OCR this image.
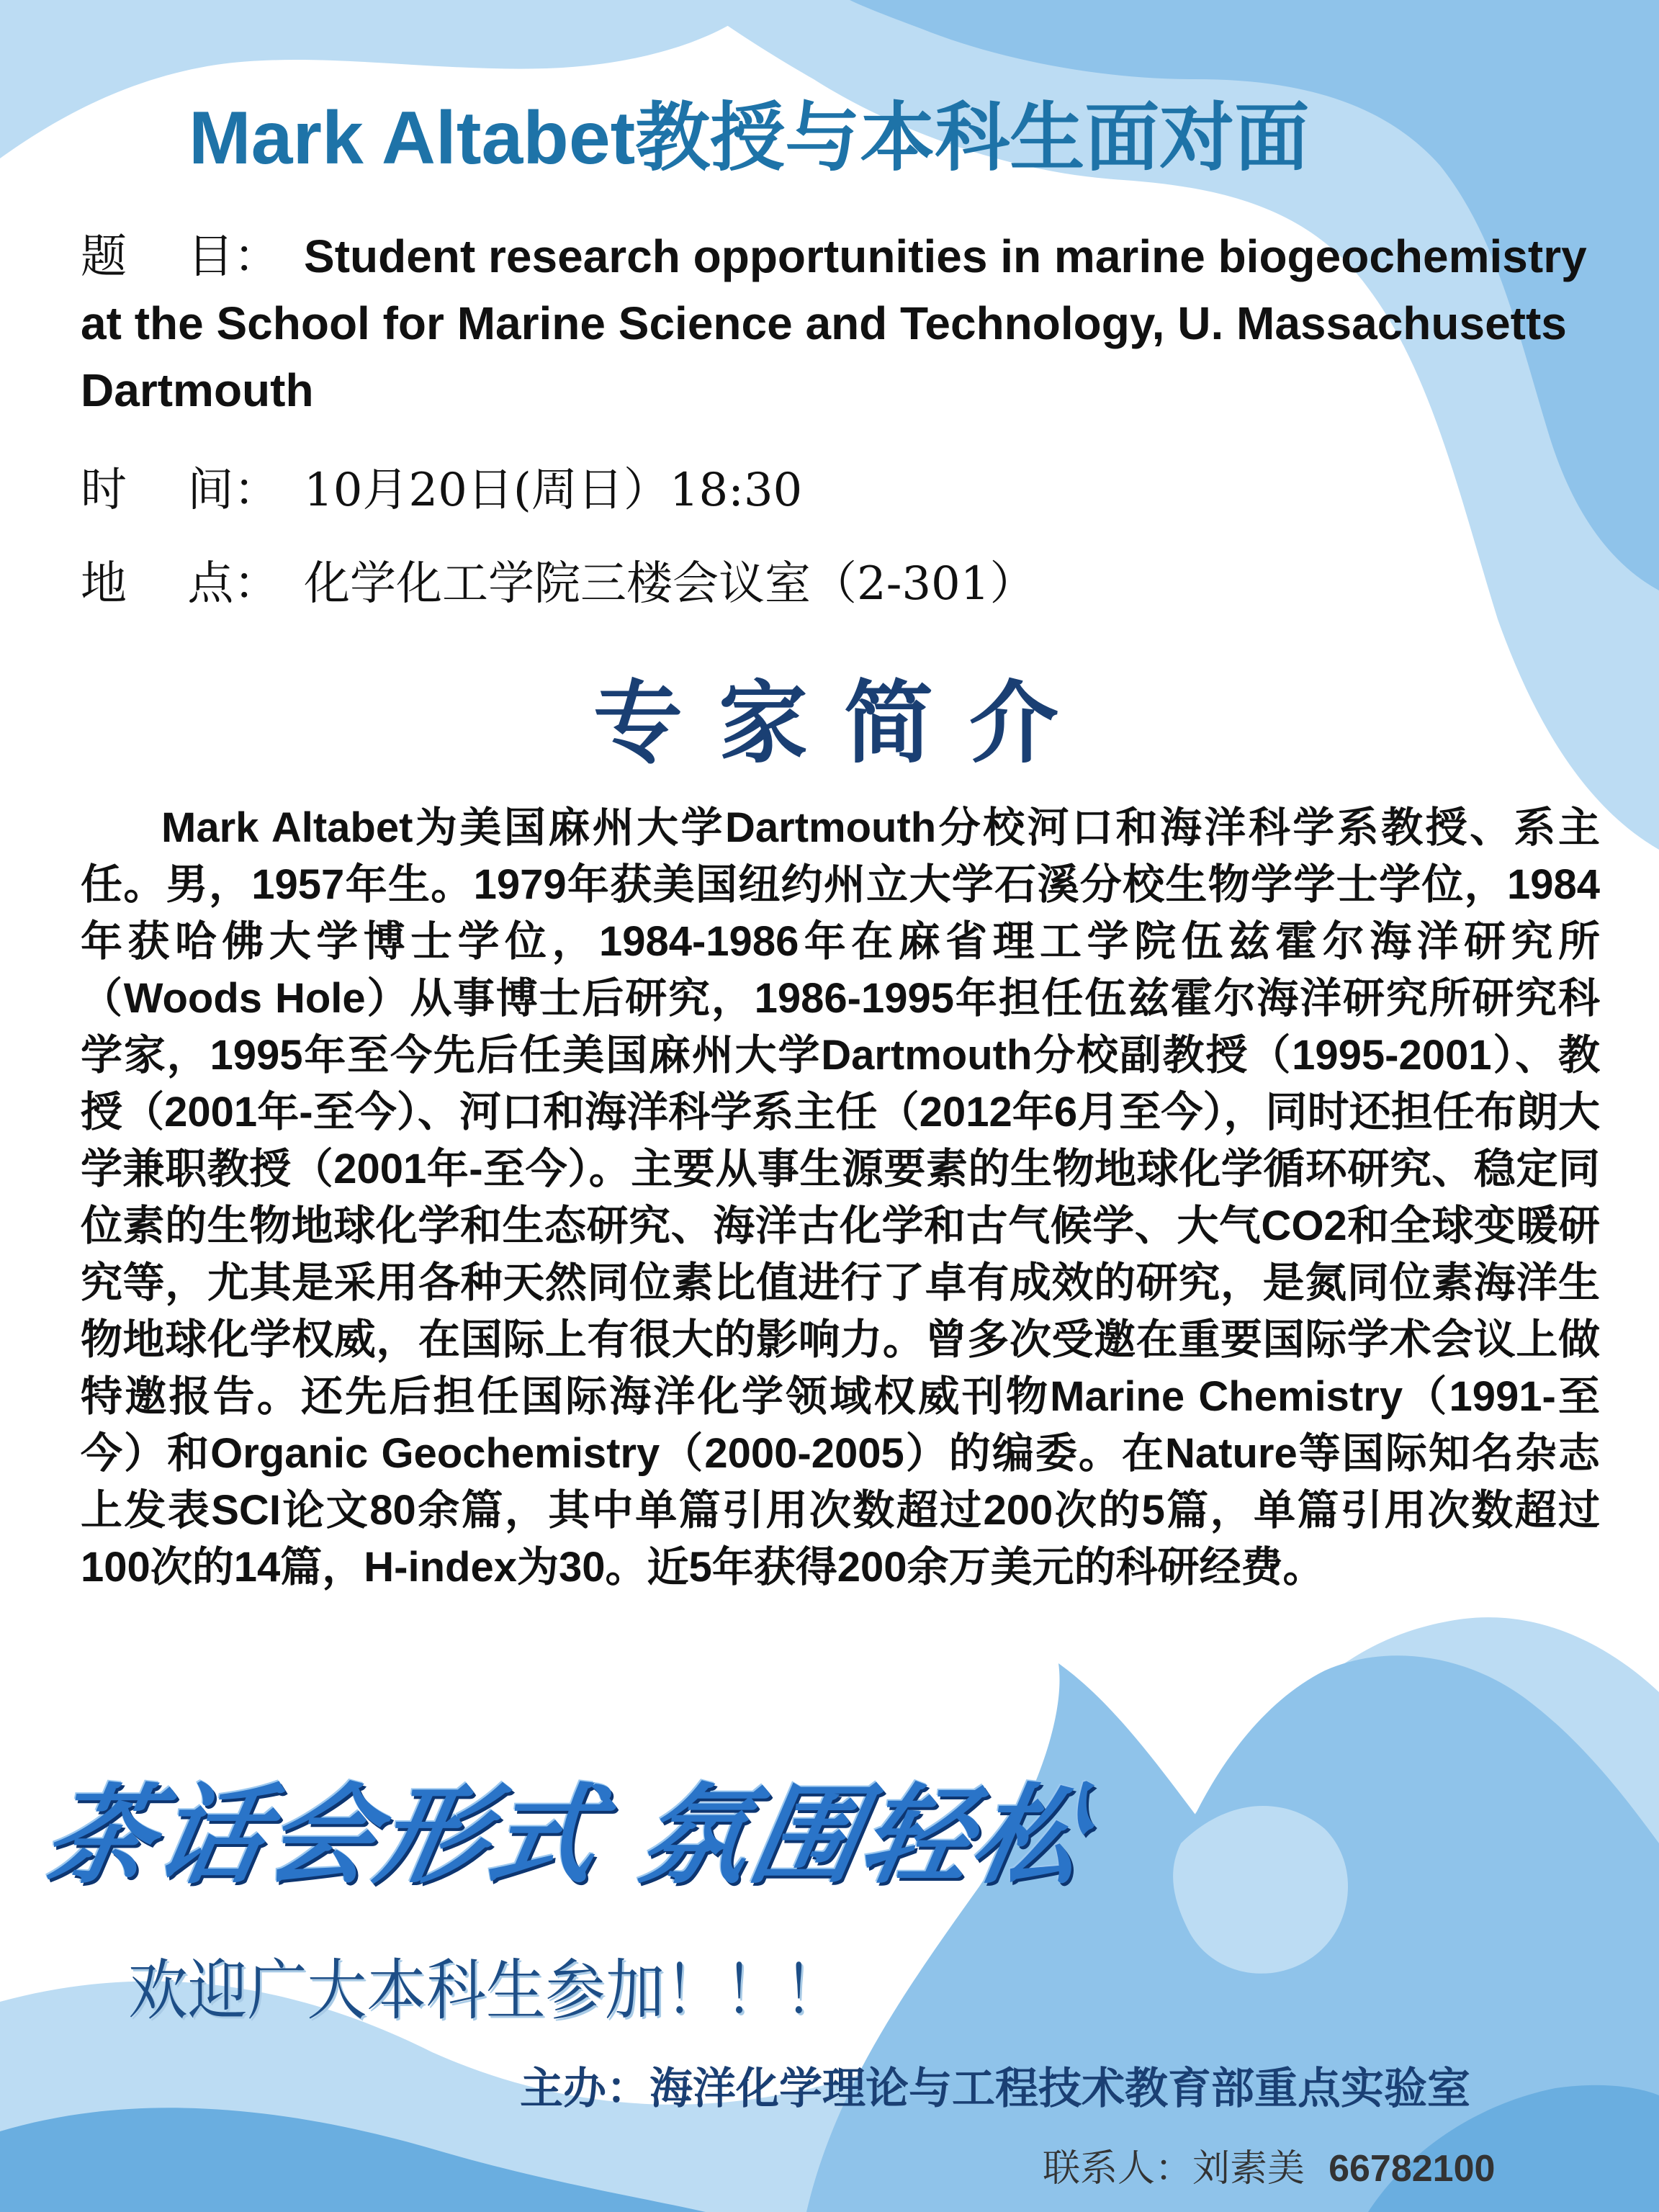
Mark Altabet教授与本科生面对面
题　 目： Student research opportunities in marine biogeochemistry at the School for Marine Science and Technology, U. Massachusetts Dartmouth
时　 间： 10月20日(周日）18:30
地　 点： 化学化工学院三楼会议室（2-301）
专家简介
Mark Altabet为美国麻州大学Dartmouth分校河口和海洋科学系教授、系主任。男，1957年生。1979年获美国纽约州立大学石溪分校生物学学士学位，1984年获哈佛大学博士学位，1984-1986年在麻省理工学院伍兹霍尔海洋研究所（Woods Hole）从事博士后研究，1986-1995年担任伍兹霍尔海洋研究所研究科学家，1995年至今先后任美国麻州大学Dartmouth分校副教授（1995-2001）、教授（2001年-至今）、河口和海洋科学系主任（2012年6月至今），同时还担任布朗大学兼职教授（2001年-至今）。主要从事生源要素的生物地球化学循环研究、稳定同位素的生物地球化学和生态研究、海洋古化学和古气候学、大气CO2和全球变暖研究等，尤其是采用各种天然同位素比值进行了卓有成效的研究，是氮同位素海洋生物地球化学权威，在国际上有很大的影响力。曾多次受邀在重要国际学术会议上做特邀报告。还先后担任国际海洋化学领域权威刊物Marine Chemistry（1991-至今）和Organic Geochemistry（2000-2005）的编委。在Nature等国际知名杂志上发表SCI论文80余篇，其中单篇引用次数超过200次的5篇，单篇引用次数超过100次的14篇，H-index为30。近5年获得200余万美元的科研经费。
茶话会形式 氛围轻松
欢迎广大本科生参加！！！
主办：海洋化学理论与工程技术教育部重点实验室
联系人：刘素美 66782100
